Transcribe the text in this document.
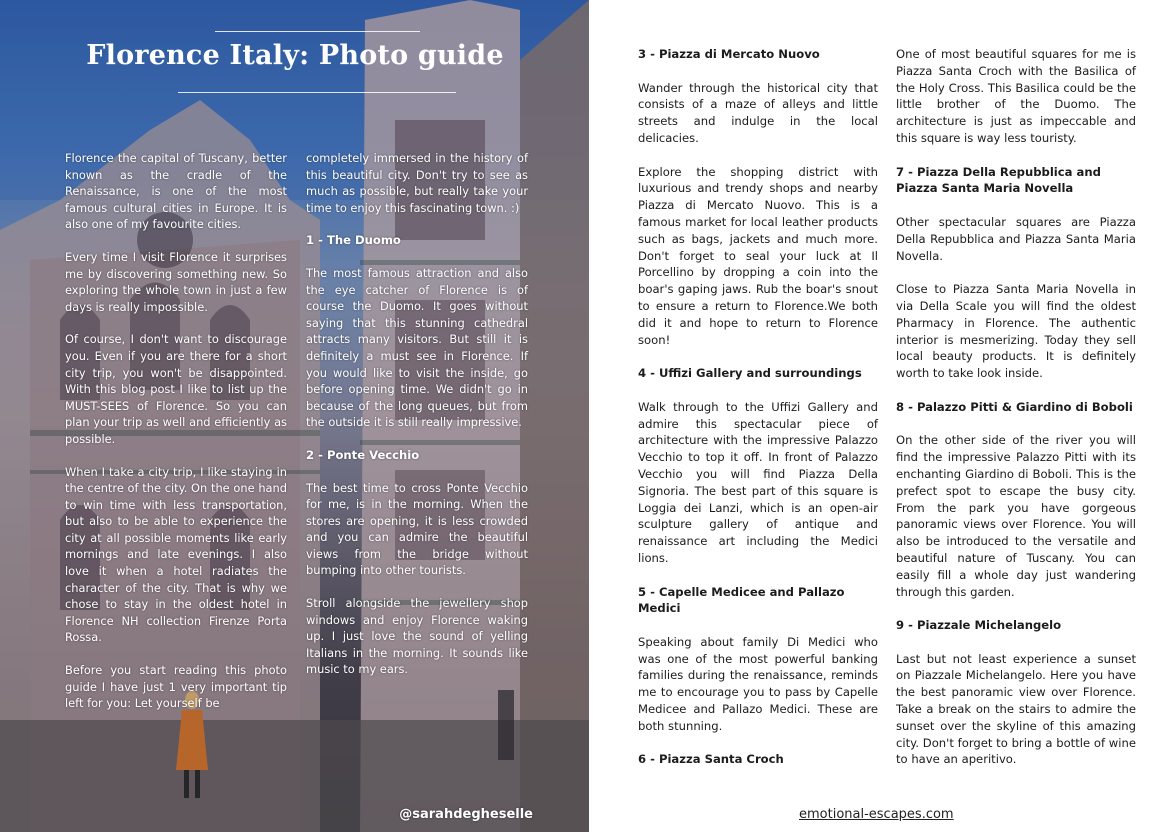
Florence Italy: Photo guide

Florence the capital of Tuscany, better known as the cradle of the Renaissance, is one of the most famous cultural cities in Europe. It is also one of my favourite cities.

Every time I visit Florence it surprises me by discovering something new. So exploring the whole town in just a few days is really impossible.

Of course, I don't want to discourage you. Even if you are there for a short city trip, you won't be disappointed. With this blog post I like to list up the MUST-SEES of Florence. So you can plan your trip as well and efficiently as possible.

When I take a city trip, I like staying in the centre of the city. On the one hand to win time with less transportation, but also to be able to experience the city at all possible moments like early mornings and late evenings. I also love it when a hotel radiates the character of the city. That is why we chose to stay in the oldest hotel in Florence NH collection Firenze Porta Rossa.

Before you start reading this photo guide I have just 1 very important tip left for you: Let yourself be

completely immersed in the history of this beautiful city. Don't try to see as much as possible, but really take your time to enjoy this fascinating town. :)

1 - The Duomo

The most famous attraction and also the eye catcher of Florence is of course the Duomo. It goes without saying that this stunning cathedral attracts many visitors. But still it is definitely a must see in Florence. If you would like to visit the inside, go before opening time. We didn't go in because of the long queues, but from the outside it is still really impressive.

2 - Ponte Vecchio

The best time to cross Ponte Vecchio for me, is in the morning. When the stores are opening, it is less crowded and you can admire the beautiful views from the bridge without bumping into other tourists.

Stroll alongside the jewellery shop windows and enjoy Florence waking up. I just love the sound of yelling Italians in the morning. It sounds like music to my ears.

@sarahdegheselle
3 - Piazza di Mercato Nuovo

Wander through the historical city that consists of a maze of alleys and little streets and indulge in the local delicacies.

Explore the shopping district with luxurious and trendy shops and nearby Piazza di Mercato Nuovo. This is a famous market for local leather products such as bags, jackets and much more. Don't forget to seal your luck at Il Porcellino by dropping a coin into the boar's gaping jaws. Rub the boar's snout to ensure a return to Florence.We both did it and hope to return to Florence soon!

4 - Uffizi Gallery and surroundings

Walk through to the Uffizi Gallery and admire this spectacular piece of architecture with the impressive Palazzo Vecchio to top it off. In front of Palazzo Vecchio you will find Piazza Della Signoria. The best part of this square is Loggia dei Lanzi, which is an open-air sculpture gallery of antique and renaissance art including the Medici lions.

5 - Capelle Medicee and Pallazo Medici

Speaking about family Di Medici who was one of the most powerful banking families during the renaissance, reminds me to encourage you to pass by Capelle Medicee and Pallazo Medici. These are both stunning.

6 - Piazza Santa Croch

One of most beautiful squares for me is Piazza Santa Croch with the Basilica of the Holy Cross. This Basilica could be the little brother of the Duomo. The architecture is just as impeccable and this square is way less touristy.

7 - Piazza Della Repubblica and Piazza Santa Maria Novella

Other spectacular squares are Piazza Della Repubblica and Piazza Santa Maria Novella.

Close to Piazza Santa Maria Novella in via Della Scale you will find the oldest Pharmacy in Florence. The authentic interior is mesmerizing. Today they sell local beauty products. It is definitely worth to take look inside.

8 - Palazzo Pitti & Giardino di Boboli

On the other side of the river you will find the impressive Palazzo Pitti with its enchanting Giardino di Boboli. This is the prefect spot to escape the busy city. From the park you have gorgeous panoramic views over Florence. You will also be introduced to the versatile and beautiful nature of Tuscany. You can easily fill a whole day just wandering through this garden.

9 - Piazzale Michelangelo

Last but not least experience a sunset on Piazzale Michelangelo. Here you have the best panoramic view over Florence. Take a break on the stairs to admire the sunset over the skyline of this amazing city. Don't forget to bring a bottle of wine to have an aperitivo.

emotional-escapes.com
